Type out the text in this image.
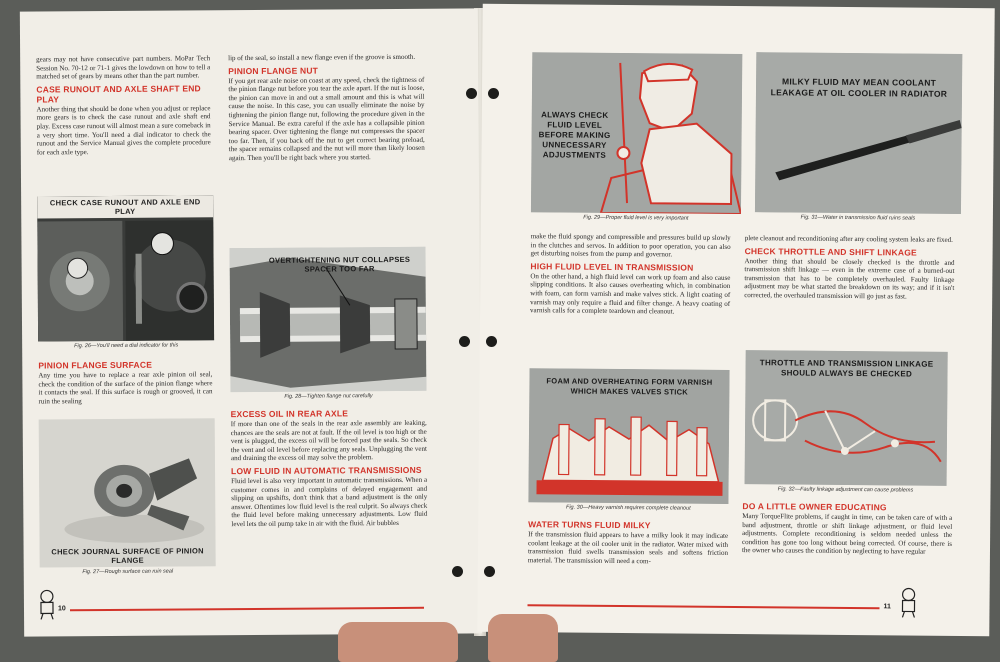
gears may not have consecutive part numbers. MoPar Tech Session No. 70-12 or 71-1 gives the lowdown on how to tell a matched set of gears by means other than the part number.

CASE RUNOUT AND AXLE SHAFT END PLAY

Another thing that should be done when you adjust or replace more gears is to check the case runout and axle shaft end play. Excess case runout will almost mean a sure comeback in a very short time. You'll need a dial indicator to check the runout and the Service Manual gives the complete procedure for each axle type.

CHECK CASE RUNOUT AND AXLE END PLAY
Fig. 26—You'll need a dial indicator for this
PINION FLANGE SURFACE

Any time you have to replace a rear axle pinion oil seal, check the condition of the surface of the pinion flange where it contacts the seal. If this surface is rough or grooved, it can ruin the sealing

CHECK JOURNAL SURFACE OF PINION FLANGE
Fig. 27—Rough surface can ruin seal

lip of the seal, so install a new flange even if the groove is smooth.

PINION FLANGE NUT

If you get rear axle noise on coast at any speed, check the tightness of the pinion flange nut before you tear the axle apart. If the nut is loose, the pinion can move in and out a small amount and this is what will cause the noise. In this case, you can usually eliminate the noise by tightening the pinion flange nut, following the procedure given in the Service Manual. Be extra careful if the axle has a collapsible pinion bearing spacer. Over tightening the flange nut compresses the spacer too far. Then, if you back off the nut to get correct bearing preload, the spacer remains collapsed and the nut will more than likely loosen again. Then you'll be right back where you started.

OVERTIGHTENING NUT COLLAPSES SPACER TOO FAR
Fig. 28—Tighten flange nut carefully
EXCESS OIL IN REAR AXLE

If more than one of the seals in the rear axle assembly are leaking, chances are the seals are not at fault. If the oil level is too high or the vent is plugged, the excess oil will be forced past the seals. So check the vent and oil level before replacing any seals. Unplugging the vent and draining the excess oil may solve the problem.

LOW FLUID IN AUTOMATIC TRANSMISSIONS

Fluid level is also very important in automatic transmissions. When a customer comes in and complains of delayed engagement and slipping on upshifts, don't think that a band adjustment is the only answer. Oftentimes low fluid level is the real culprit. So always check the fluid level before making unnecessary adjustments. Low fluid level lets the oil pump take in air with the fluid. Air bubbles

10
ALWAYS CHECK FLUID LEVEL BEFORE MAKING UNNECESSARY ADJUSTMENTS
Fig. 29—Proper fluid level is very important
MILKY FLUID MAY MEAN COOLANT LEAKAGE AT OIL COOLER IN RADIATOR
Fig. 31—Water in transmission fluid ruins seals

make the fluid spongy and compressible and pressures build up slowly in the clutches and servos. In addition to poor operation, you can also get disturbing noises from the pump and governor.

HIGH FLUID LEVEL IN TRANSMISSION

On the other hand, a high fluid level can work up foam and also cause slipping conditions. It also causes overheating which, in combination with foam, can form varnish and make valves stick. A light coating of varnish may only require a fluid and filter change. A heavy coating of varnish calls for a complete teardown and cleanout.

FOAM AND OVERHEATING FORM VARNISH WHICH MAKES VALVES STICK
Fig. 30—Heavy varnish requires complete cleanout
WATER TURNS FLUID MILKY

If the transmission fluid appears to have a milky look it may indicate coolant leakage at the oil cooler unit in the radiator. Water mixed with transmission fluid swells transmission seals and softens friction material. The transmission will need a com-

plete cleanout and reconditioning after any cooling system leaks are fixed.

CHECK THROTTLE AND SHIFT LINKAGE

Another thing that should be closely checked is the throttle and transmission shift linkage — even in the extreme case of a burned-out transmission that has to be completely overhauled. Faulty linkage adjustment may be what started the breakdown on its way; and if it isn't corrected, the overhauled transmission will go just as fast.

THROTTLE AND TRANSMISSION LINKAGE SHOULD ALWAYS BE CHECKED
Fig. 32—Faulty linkage adjustment can cause problems
DO A LITTLE OWNER EDUCATING

Many TorqueFlite problems, if caught in time, can be taken care of with a band adjustment, throttle or shift linkage adjustment, or fluid level adjustments. Complete reconditioning is seldom needed unless the condition has gone too long without being corrected. Of course, there is the owner who causes the condition by neglecting to have regular

11
